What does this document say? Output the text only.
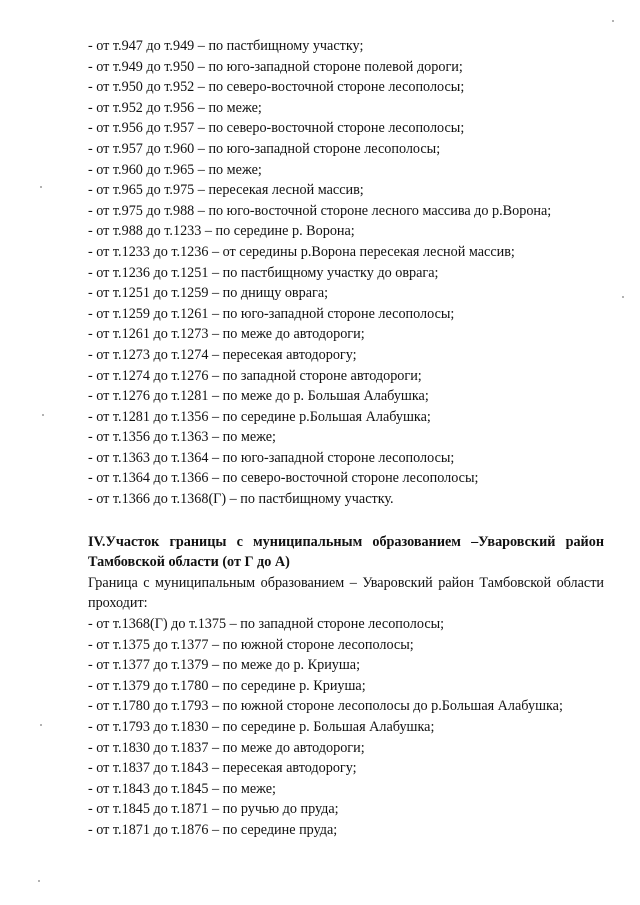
- от т.947 до т.949 – по пастбищному участку;
- от т.949 до т.950 – по юго-западной стороне полевой дороги;
- от т.950 до т.952 – по северо-восточной стороне лесополосы;
- от т.952 до т.956 – по меже;
- от т.956 до т.957 – по северо-восточной стороне лесополосы;
- от т.957 до т.960 – по юго-западной стороне лесополосы;
- от т.960 до т.965 – по меже;
- от т.965 до т.975 – пересекая лесной массив;
- от т.975 до т.988 – по юго-восточной стороне лесного массива до р.Ворона;
- от т.988 до т.1233 – по середине р. Ворона;
- от т.1233 до т.1236 – от середины р.Ворона пересекая лесной массив;
- от т.1236 до т.1251 – по пастбищному участку до оврага;
- от т.1251 до т.1259 – по днищу оврага;
- от т.1259 до т.1261 – по юго-западной стороне лесополосы;
- от т.1261 до т.1273 – по меже до автодороги;
- от т.1273 до т.1274 – пересекая автодорогу;
- от т.1274 до т.1276 – по западной стороне автодороги;
- от т.1276 до т.1281 – по меже до р. Большая Алабушка;
- от т.1281 до т.1356 – по середине р.Большая Алабушка;
- от т.1356 до т.1363 – по меже;
- от т.1363 до т.1364 – по юго-западной стороне лесополосы;
- от т.1364 до т.1366 – по северо-восточной стороне лесополосы;
- от т.1366 до т.1368(Г) – по пастбищному участку.
IV.Участок границы с муниципальным образованием –Уваровский район Тамбовской области (от Г до А)
Граница с муниципальным образованием – Уваровский район Тамбовской области проходит:
- от т.1368(Г) до т.1375 – по западной стороне лесополосы;
- от т.1375 до т.1377 – по южной стороне лесополосы;
- от т.1377 до т.1379 – по меже до р. Криуша;
- от т.1379 до т.1780 – по середине р. Криуша;
- от т.1780 до т.1793 – по южной стороне лесополосы до р.Большая Алабушка;
- от т.1793 до т.1830 – по середине р. Большая Алабушка;
- от т.1830 до т.1837 – по меже до автодороги;
- от т.1837 до т.1843 – пересекая автодорогу;
- от т.1843 до т.1845 – по меже;
- от т.1845 до т.1871 – по ручью до пруда;
- от т.1871 до т.1876 – по середине пруда;
